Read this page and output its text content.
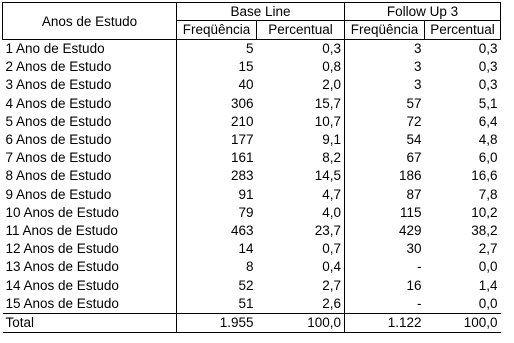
Anos de Estudo	Base Line		Follow Up 3	
	Freqüência	Percentual	Freqüência	Percentual
1 Ano de Estudo	5	0,3	3	0,3
2 Anos de Estudo	15	0,8	3	0,3
3 Anos de Estudo	40	2,0	3	0,3
4 Anos de Estudo	306	15,7	57	5,1
5 Anos de Estudo	210	10,7	72	6,4
6 Anos de Estudo	177	9,1	54	4,8
7 Anos de Estudo	161	8,2	67	6,0
8 Anos de Estudo	283	14,5	186	16,6
9 Anos de Estudo	91	4,7	87	7,8
10 Anos de Estudo	79	4,0	115	10,2
11 Anos de Estudo	463	23,7	429	38,2
12 Anos de Estudo	14	0,7	30	2,7
13 Anos de Estudo	8	0,4	-	0,0
14 Anos de Estudo	52	2,7	16	1,4
15 Anos de Estudo	51	2,6	-	0,0
Total	1.955	100,0	1.122	100,0
